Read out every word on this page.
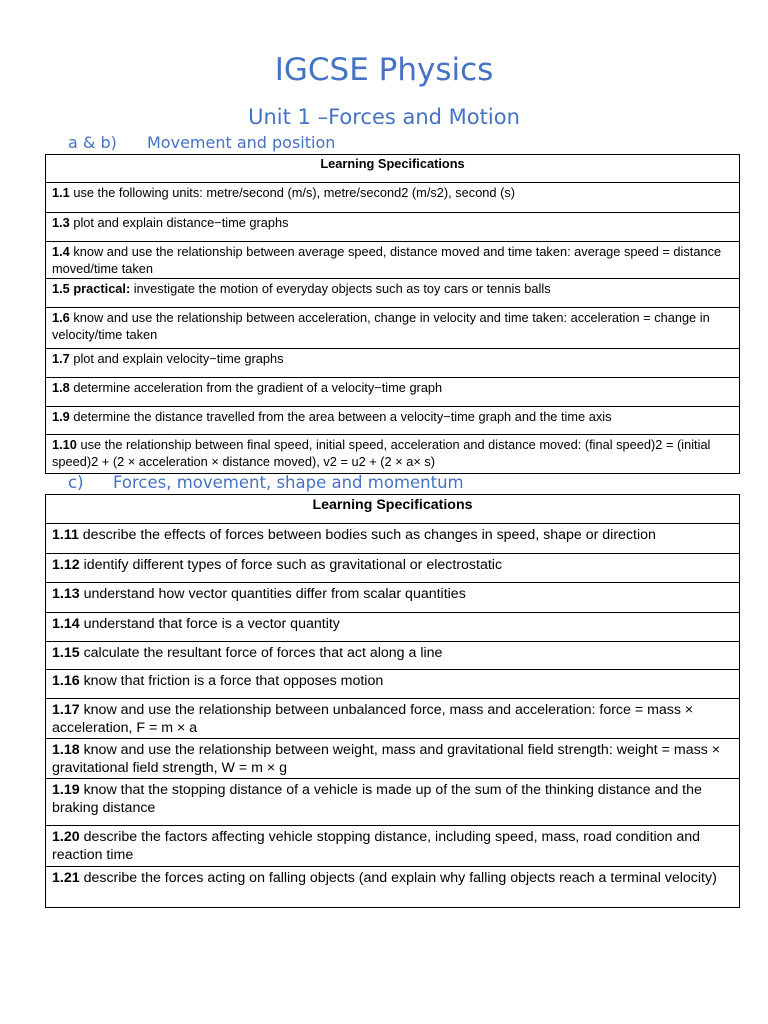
IGCSE Physics
Unit 1 –Forces and Motion
a & b) Movement and position
Learning Specifications
1.1 use the following units: metre/second (m/s), metre/second2 (m/s2), second (s)
1.3 plot and explain distance−time graphs
1.4 know and use the relationship between average speed, distance moved and time taken: average speed = distance moved/time taken
1.5 practical: investigate the motion of everyday objects such as toy cars or tennis balls
1.6 know and use the relationship between acceleration, change in velocity and time taken: acceleration = change in velocity/time taken
1.7 plot and explain velocity−time graphs
1.8 determine acceleration from the gradient of a velocity−time graph
1.9 determine the distance travelled from the area between a velocity−time graph and the time axis
1.10 use the relationship between final speed, initial speed, acceleration and distance moved: (final speed)2 = (initial speed)2 + (2 × acceleration × distance moved), v2 = u2 + (2 × a× s)
c) Forces, movement, shape and momentum
Learning Specifications
1.11 describe the effects of forces between bodies such as changes in speed, shape or direction
1.12 identify different types of force such as gravitational or electrostatic
1.13 understand how vector quantities differ from scalar quantities
1.14 understand that force is a vector quantity
1.15 calculate the resultant force of forces that act along a line
1.16 know that friction is a force that opposes motion
1.17 know and use the relationship between unbalanced force, mass and acceleration: force = mass × acceleration, F = m × a
1.18 know and use the relationship between weight, mass and gravitational field strength: weight = mass × gravitational field strength, W = m × g
1.19 know that the stopping distance of a vehicle is made up of the sum of the thinking distance and the braking distance
1.20 describe the factors affecting vehicle stopping distance, including speed, mass, road condition and reaction time
1.21 describe the forces acting on falling objects (and explain why falling objects reach a terminal velocity)
